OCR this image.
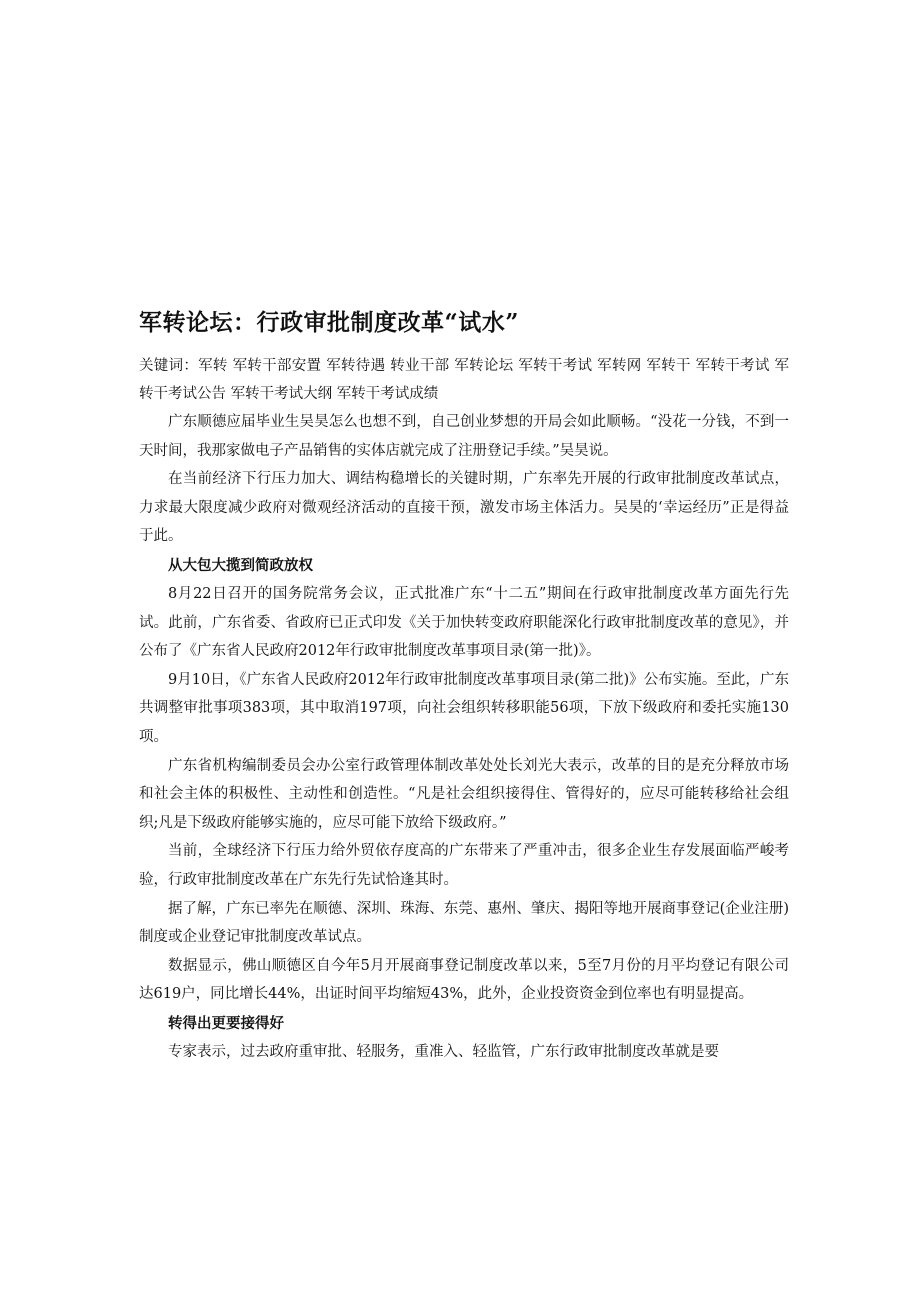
军转论坛：行政审批制度改革“试水”

关键词：军转 军转干部安置 军转待遇 转业干部 军转论坛 军转干考试 军转网 军转干 军转干考试 军转干考试公告 军转干考试大纲 军转干考试成绩

广东顺德应届毕业生吴昊怎么也想不到，自己创业梦想的开局会如此顺畅。“没花一分钱，不到一天时间，我那家做电子产品销售的实体店就完成了注册登记手续。”吴昊说。

在当前经济下行压力加大、调结构稳增长的关键时期，广东率先开展的行政审批制度改革试点，力求最大限度减少政府对微观经济活动的直接干预，激发市场主体活力。吴昊的‘幸运经历”正是得益于此。

从大包大揽到简政放权

8月22日召开的国务院常务会议，正式批准广东“十二五”期间在行政审批制度改革方面先行先试。此前，广东省委、省政府已正式印发《关于加快转变政府职能深化行政审批制度改革的意见》，并公布了《广东省人民政府2012年行政审批制度改革事项目录(第一批)》。

9月10日，《广东省人民政府2012年行政审批制度改革事项目录(第二批)》公布实施。至此，广东共调整审批事项383项，其中取消197项，向社会组织转移职能56项，下放下级政府和委托实施130项。

广东省机构编制委员会办公室行政管理体制改革处处长刘光大表示，改革的目的是充分释放市场和社会主体的积极性、主动性和创造性。“凡是社会组织接得住、管得好的，应尽可能转移给社会组织;凡是下级政府能够实施的，应尽可能下放给下级政府。”

当前，全球经济下行压力给外贸依存度高的广东带来了严重冲击，很多企业生存发展面临严峻考验，行政审批制度改革在广东先行先试恰逢其时。

据了解，广东已率先在顺德、深圳、珠海、东莞、惠州、肇庆、揭阳等地开展商事登记(企业注册)制度或企业登记审批制度改革试点。

数据显示，佛山顺德区自今年5月开展商事登记制度改革以来，5至7月份的月平均登记有限公司达619户，同比增长44%，出证时间平均缩短43%，此外，企业投资资金到位率也有明显提高。

转得出更要接得好

专家表示，过去政府重审批、轻服务，重准入、轻监管，广东行政审批制度改革就是要
